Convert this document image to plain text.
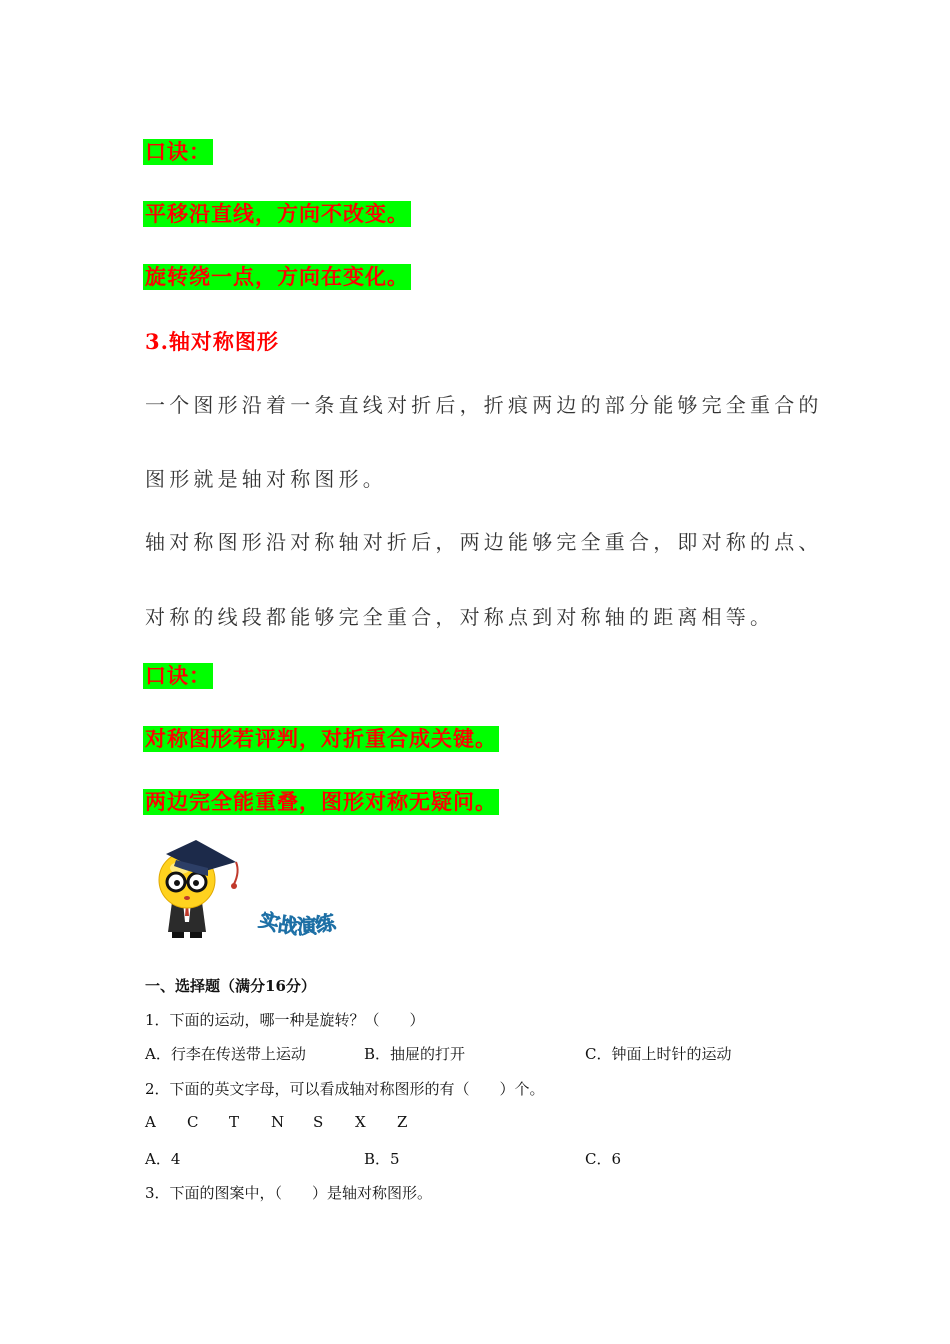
口诀：
平移沿直线，方向不改变。
旋转绕一点，方向在变化。
3.轴对称图形
一个图形沿着一条直线对折后，折痕两边的部分能够完全重合的
图形就是轴对称图形。
轴对称图形沿对称轴对折后，两边能够完全重合，即对称的点、
对称的线段都能够完全重合，对称点到对称轴的距离相等。
口诀：
对称图形若评判，对折重合成关键。
两边完全能重叠，图形对称无疑问。
实战演练
一、选择题（满分16分）
1．下面的运动，哪一种是旋转？（　　）
A．行李在传送带上运动	B．抽屉的打开	C．钟面上时针的运动
2．下面的英文字母，可以看成轴对称图形的有（　　）个。
A C T N S X Z
A．4	B．5	C．6
3．下面的图案中，（　　）是轴对称图形。
